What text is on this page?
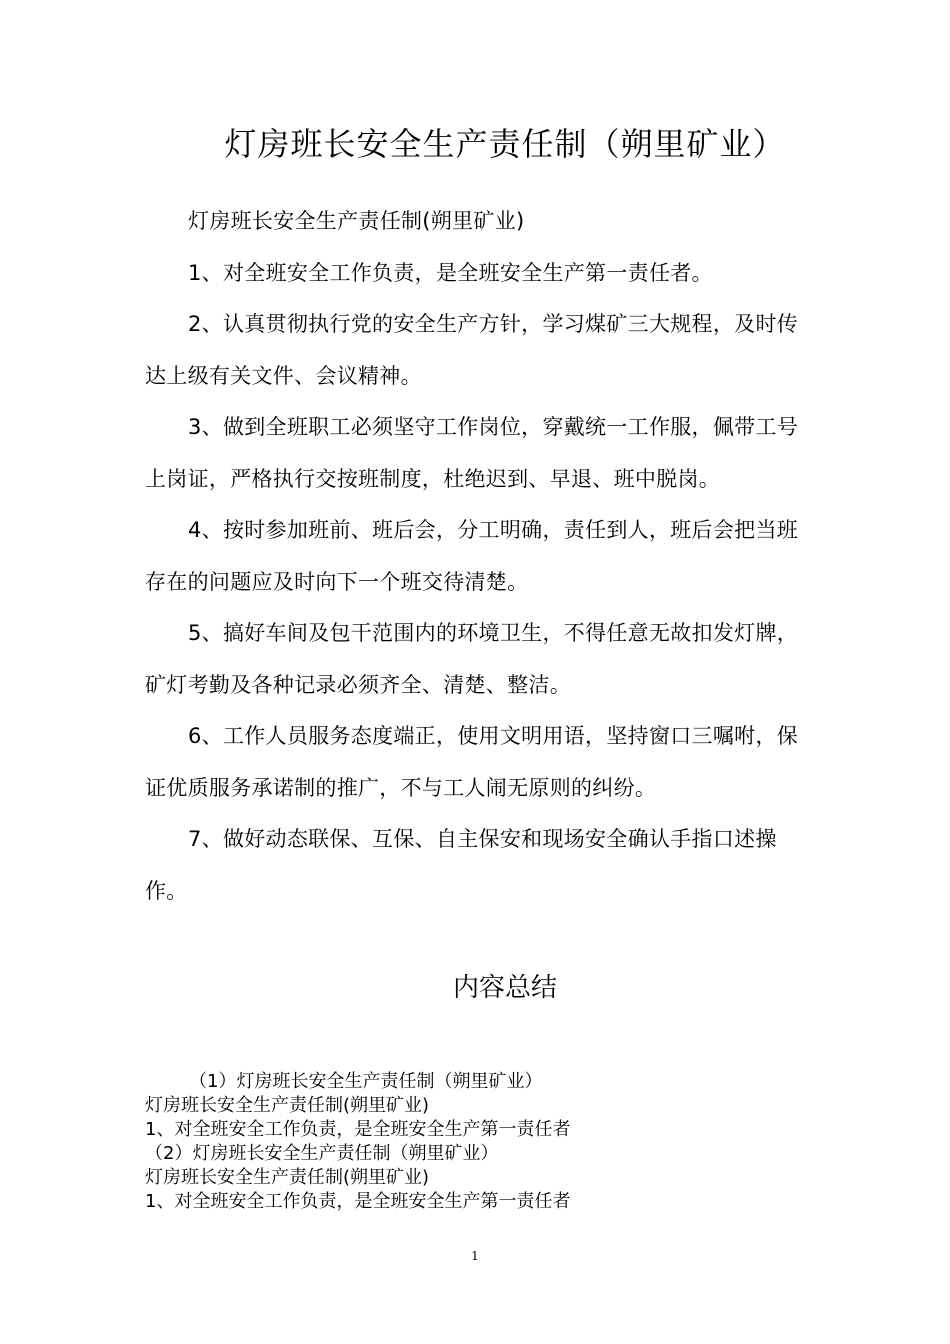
灯房班长安全生产责任制（朔里矿业）

灯房班长安全生产责任制(朔里矿业)

1、对全班安全工作负责，是全班安全生产第一责任者。

2、认真贯彻执行党的安全生产方针，学习煤矿三大规程，及时传达上级有关文件、会议精神。

3、做到全班职工必须坚守工作岗位，穿戴统一工作服，佩带工号上岗证，严格执行交按班制度，杜绝迟到、早退、班中脱岗。

4、按时参加班前、班后会，分工明确，责任到人，班后会把当班存在的问题应及时向下一个班交待清楚。

5、搞好车间及包干范围内的环境卫生，不得任意无故扣发灯牌，矿灯考勤及各种记录必须齐全、清楚、整洁。

6、工作人员服务态度端正，使用文明用语，坚持窗口三嘱咐，保证优质服务承诺制的推广，不与工人闹无原则的纠纷。

7、做好动态联保、互保、自主保安和现场安全确认手指口述操作。

内容总结
（1）灯房班长安全生产责任制（朔里矿业）
灯房班长安全生产责任制(朔里矿业)
1、对全班安全工作负责，是全班安全生产第一责任者
（2）灯房班长安全生产责任制（朔里矿业）
灯房班长安全生产责任制(朔里矿业)
1、对全班安全工作负责，是全班安全生产第一责任者
1
